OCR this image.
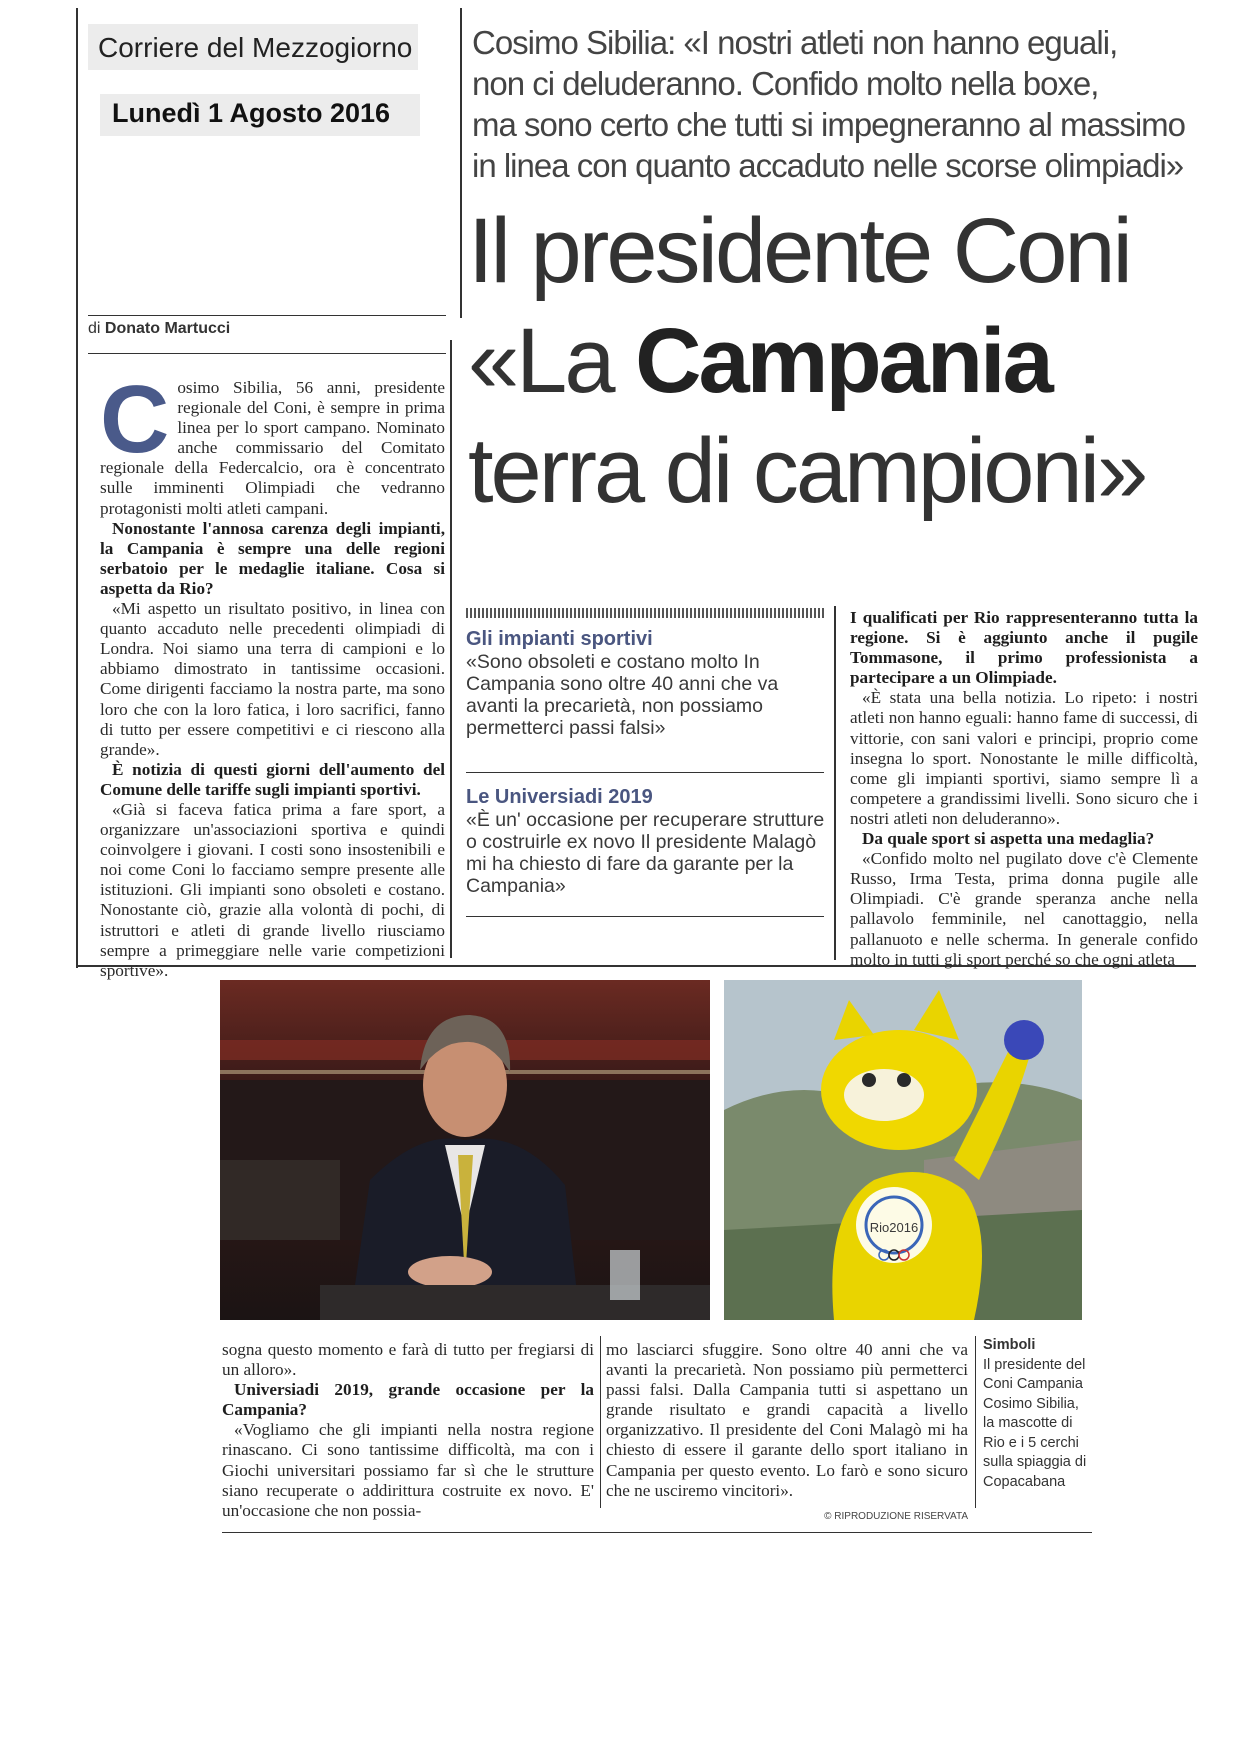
Corriere del Mezzogiorno
Lunedì 1 Agosto 2016
Cosimo Sibilia: «I nostri atleti non hanno eguali,
non ci deluderanno. Confido molto nella boxe,
ma sono certo che tutti si impegneranno al massimo
in linea con quanto accaduto nelle scorse olimpiadi»
Il presidente Coni
«La Campania
terra di campioni»
di Donato Martucci

Cosimo Sibilia, 56 anni, presidente regionale del Coni, è sempre in prima linea per lo sport campano. Nominato anche commissario del Comitato regionale della Federcalcio, ora è concentrato sulle imminenti Olimpiadi che vedranno protagonisti molti atleti campani.

Nonostante l'annosa carenza degli impianti, la Campania è sempre una delle regioni serbatoio per le medaglie italiane. Cosa si aspetta da Rio?

«Mi aspetto un risultato positivo, in linea con quanto accaduto nelle precedenti olimpiadi di Londra. Noi siamo una terra di campioni e lo abbiamo dimostrato in tantissime occasioni. Come dirigenti facciamo la nostra parte, ma sono loro che con la loro fatica, i loro sacrifici, fanno di tutto per essere competitivi e ci riescono alla grande».

È notizia di questi giorni dell'aumento del Comune delle tariffe sugli impianti sportivi.

«Già si faceva fatica prima a fare sport, a organizzare un'associazioni sportiva e quindi coinvolgere i giovani. I costi sono insostenibili e noi come Coni lo facciamo sempre presente alle istituzioni. Gli impianti sono obsoleti e costano. Nonostante ciò, grazie alla volontà di pochi, di istruttori e atleti di grande livello riusciamo sempre a primeggiare nelle varie competizioni sportive».

Gli impianti sportivi
«Sono obsoleti e costano molto In Campania sono oltre 40 anni che va avanti la precarietà, non possiamo permetterci passi falsi»
Le Universiadi 2019
«È un' occasione per recuperare strutture o costruirle ex novo Il presidente Malagò mi ha chiesto di fare da garante per la Campania»

I qualificati per Rio rappresenteranno tutta la regione. Si è aggiunto anche il pugile Tommasone, il primo professionista a partecipare a un Olimpiade.

«È stata una bella notizia. Lo ripeto: i nostri atleti non hanno eguali: hanno fame di successi, di vittorie, con sani valori e principi, proprio come insegna lo sport. Nonostante le mille difficoltà, come gli impianti sportivi, siamo sempre lì a competere a grandissimi livelli. Sono sicuro che i nostri atleti non deluderanno».

Da quale sport si aspetta una medaglia?

«Confido molto nel pugilato dove c'è Clemente Russo, Irma Testa, prima donna pugile alle Olimpiadi. C'è grande speranza anche nella pallavolo femminile, nel canottaggio, nella pallanuoto e nelle scherma. In generale confido molto in tutti gli sport perché so che ogni atleta

Rio2016

sogna questo momento e farà di tutto per fregiarsi di un alloro».

Universiadi 2019, grande occasione per la Campania?

«Vogliamo che gli impianti nella nostra regione rinascano. Ci sono tantissime difficoltà, ma con i Giochi universitari possiamo far sì che le strutture siano recuperate o addirittura costruite ex novo. E' un'occasione che non possia-

mo lasciarci sfuggire. Sono oltre 40 anni che va avanti la precarietà. Non possiamo più permetterci passi falsi. Dalla Campania tutti si aspettano un grande risultato e grandi capacità a livello organizzativo. Il presidente del Coni Malagò mi ha chiesto di essere il garante dello sport italiano in Campania per questo evento. Lo farò e sono sicuro che ne usciremo vincitori».

© RIPRODUZIONE RISERVATA
Simboli
Il presidente del Coni Campania Cosimo Sibilia, la mascotte di Rio e i 5 cerchi sulla spiaggia di Copacabana
